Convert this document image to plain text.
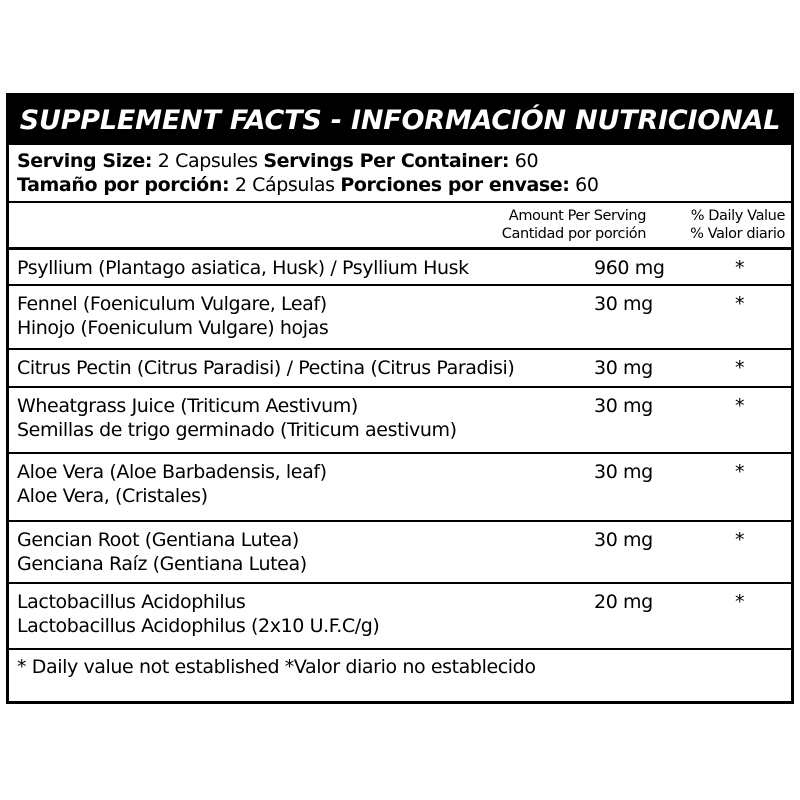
SUPPLEMENT FACTS - INFORMACIÓN NUTRICIONAL
Serving Size: 2 Capsules Servings Per Container: 60
Tamaño por porción: 2 Cápsulas Porciones por envase: 60
Amount Per Serving
Cantidad por porción
% Daily Value
% Valor diario
Psyllium (Plantago asiatica, Husk) / Psyllium Husk	960 mg	*
Fennel (Foeniculum Vulgare, Leaf)
Hinojo (Foeniculum Vulgare) hojas
30 mg	*
Citrus Pectin (Citrus Paradisi) / Pectina (Citrus Paradisi)	30 mg	*
Wheatgrass Juice (Triticum Aestivum)
Semillas de trigo germinado (Triticum aestivum)
30 mg	*
Aloe Vera (Aloe Barbadensis, leaf)
Aloe Vera, (Cristales)
30 mg	*
Gencian Root (Gentiana Lutea)
Genciana Raíz (Gentiana Lutea)
30 mg	*
Lactobacillus Acidophilus
Lactobacillus Acidophilus (2x10 U.F.C/g)
20 mg	*
* Daily value not established *Valor diario no establecido
